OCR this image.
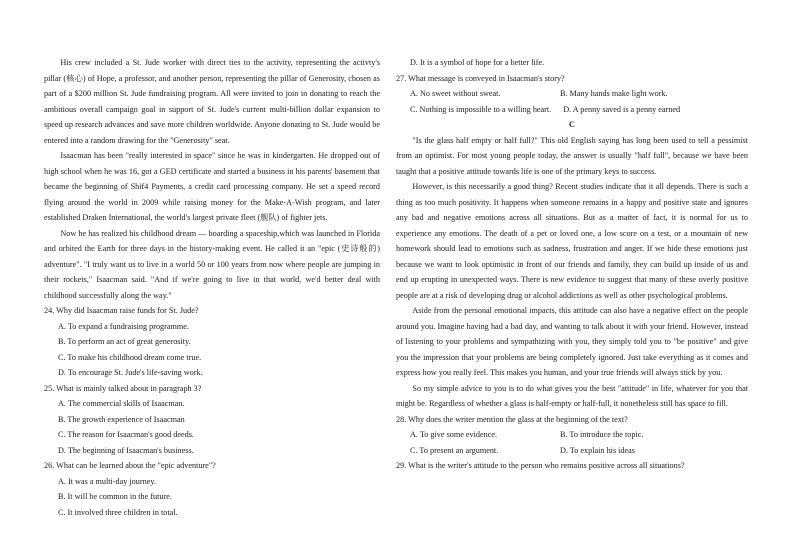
His crew included a St. Jude worker with direct ties to the activity, representing the activty's pillar (核心) of Hope, a professor, and another person, representing the pillar of Generosity, chosen as part of a $200 million St. Jude fundraising program. All were invited to join in donating to reach the ambitious overall campaign goal in support of St. Jude's current multi-billion dollar expansion to speed up research advances and save more children worldwide. Anyone donating to St. Jude would be entered into a random drawing for the "Generosity" seat.

Isaacman has been "really interested in space" since he was in kindergarten. He dropped out of high school when he was 16, got a GED certificate and started a business in his parents' basement that became the beginning of Shif4 Payments, a credit card processing company. He set a speed record flying around the world in 2009 while raising money for the Make-A-Wish program, and later established Draken International, the world's largest private fleet (舰队) of fighter jets.

Now he has realized his childhood dream — boarding a spaceship,which was launched in Florida and orbited the Earth for three days in the history-making event. He called it an "epic (史诗般的) adventure". "I truly want us to live in a world 50 or 100 years from now where people are jumping in their rockets," Isaacman said. "And if we're going to live in that world, we'd better deal with childhood successfully along the way."

24. Why did Isaacman raise funds for St. Jude?

A. To expand a fundraising programme.

B. To perform an act of great generosity.

C. To make his childhood dream come true.

D. To encourage St. Jude's life-saving work.

25. What is mainly talked about in paragraph 3?

A. The commercial skills of Isaacman.

B. The growth experience of Isaacman

C. The reason for Isaacman's good deeds.

D. The beginning of Isaacman's business.

26. What can be learned about the "epic adventure"?

A. It was a multi-day journey.

B. It will be common in the future.

C. It involved three children in total.

D. It is a symbol of hope for a better life.

27. What message is conveyed in Isaacman's story?

A. No sweet without sweat.	B. Many hands make light work.
C. Nothing is impossible to a willing heart. D. A penny saved is a penny earned

C

"Is the glass half empty or half full?" This old English saying has long been used to tell a pessimist from an optimist. For most young people today, the answer is usually "half full", because we have been taught that a positive attitude towards life is one of the primary keys to success.

However, is this necessarily a good thing? Recent studies indicate that it all depends. There is such a thing as too much positivity. It happens when someone remains in a happy and positive state and ignores any bad and negative emotions across all situations. But as a matter of fact, it is normal for us to experience any emotions. The death of a pet or loved one, a low score on a test, or a mountain of new homework should lead to emotions such as sadness, frustration and anger. If we hide these emotions just because we want to look optimistic in front of our friends and family, they can build up inside of us and end up erupting in unexpected ways. There is new evidence to suggest that many of these overly positive people are at a risk of developing drug or alcohol addictions as well as other psychological problems.

Aside from the personal emotional impacts, this attitude can also have a negative effect on the people around you. Imagine having had a bad day, and wanting to talk about it with your friend. However, instead of listening to your problems and sympathizing with you, they simply told you to "be positive" and give you the impression that your problems are being completely ignored. Just take everything as it comes and express how you really feel. This makes you human, and your true friends will always stick by you.

So my simple advice to you is to do what gives you the best "attitude" in life, whatever for you that might be. Regardless of whether a glass is half-empty or half-full, it nonetheless still has space to fill.

28. Why does the writer mention the glass at the beginning of the text?

A. To give some evidence.	B. To introduce the topic.
C. To present an argument.	D. To explain his ideas

29. What is the writer's attitude to the person who remains positive across all situations?
